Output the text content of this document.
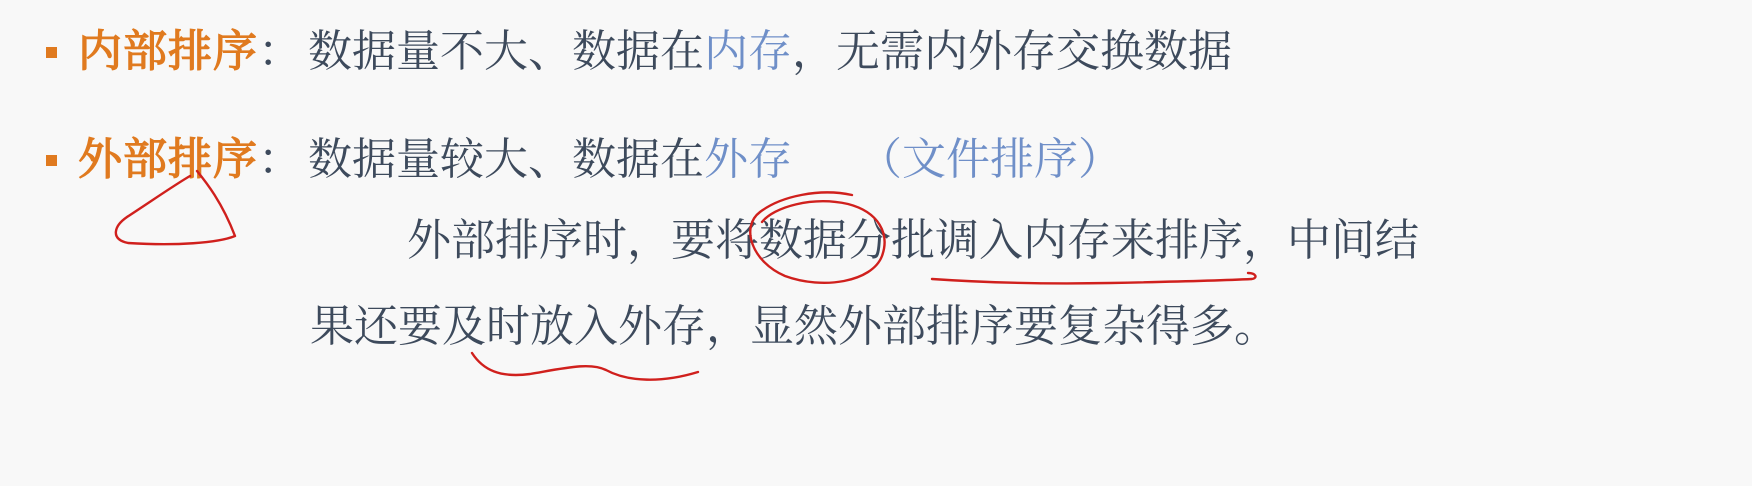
内部排序 ： 数据量不大、数据在 内存 ，无需内外存交换数据
外部排序 ： 数据量较大、数据在 外存 （文件排序）
外部排序时，要将数据分批调入内存来排序，中间结
果还要及时放入外存，显然外部排序要复杂得多。
